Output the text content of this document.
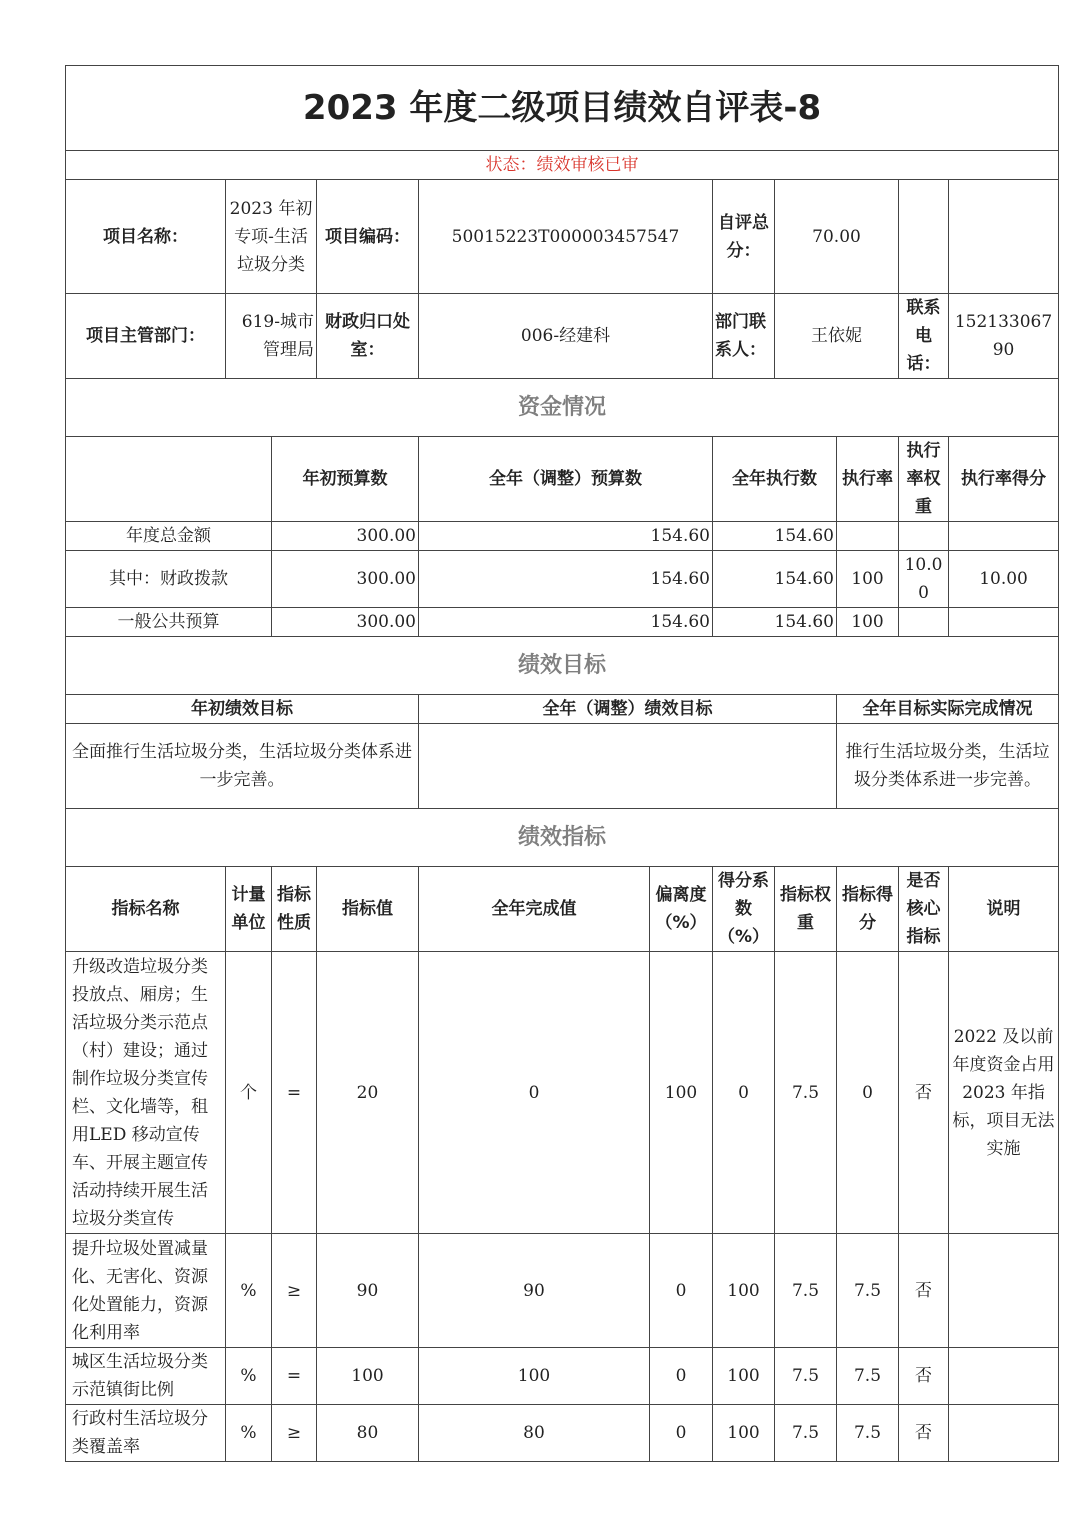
2023 年度二级项目绩效自评表-8										
状态：绩效审核已审										
项目名称：	2023 年初专项-生活垃圾分类		项目编码：	50015223T000003457547		自评总分：	70.00			
项目主管部门：	619-城市管理局		财政归口处室：	006-经建科		部门联系人：	王依妮		联系电话：	15213306790
资金情况										
		年初预算数		全年（调整）预算数		全年执行数		执行率	执行率权重	执行率得分
年度总金额		300.00		154.60		154.60				
其中：财政拨款		300.00		154.60		154.60		100	10.00	10.00
一般公共预算		300.00		154.60		154.60		100		
绩效目标										
年初绩效目标				全年（调整）绩效目标				全年目标实际完成情况		
全面推行生活垃圾分类，生活垃圾分类体系进一步完善。								推行生活垃圾分类，生活垃圾分类体系进一步完善。		
绩效指标										
指标名称	计量单位	指标性质	指标值	全年完成值	偏离度（%）	得分系数（%）	指标权重	指标得分	是否核心指标	说明
升级改造垃圾分类投放点、厢房；生活垃圾分类示范点（村）建设；通过制作垃圾分类宣传栏、文化墙等，租用LED 移动宣传车、开展主题宣传活动持续开展生活垃圾分类宣传	个	=	20	0	100	0	7.5	0	否	2022 及以前年度资金占用 2023 年指标，项目无法实施
提升垃圾处置减量化、无害化、资源化处置能力，资源化利用率	%	≥	90	90	0	100	7.5	7.5	否	
城区生活垃圾分类示范镇街比例	%	=	100	100	0	100	7.5	7.5	否	
行政村生活垃圾分类覆盖率	%	≥	80	80	0	100	7.5	7.5	否	
